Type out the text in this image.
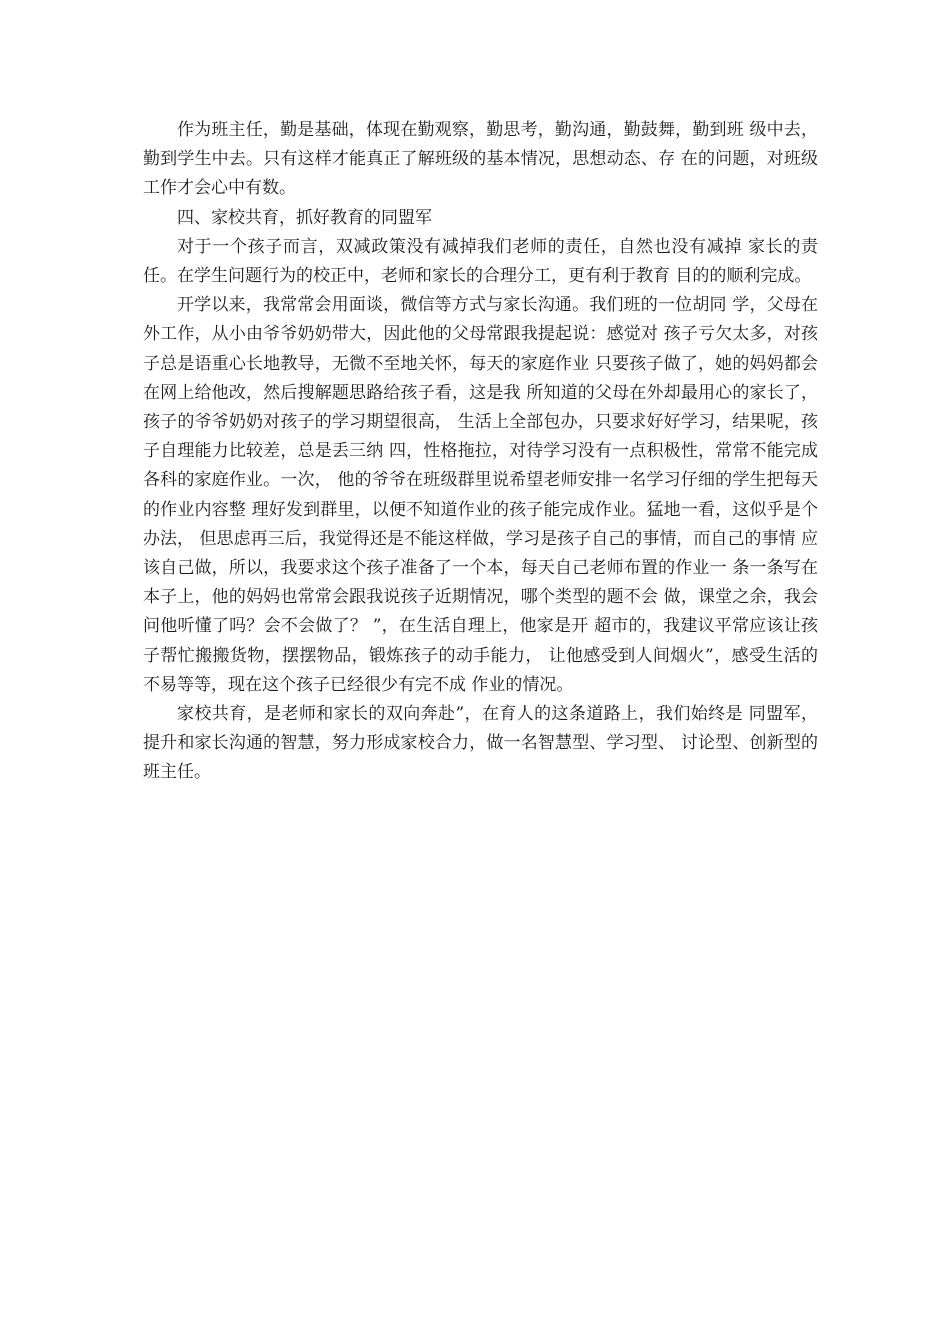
作为班主任，勤是基础，体现在勤观察，勤思考，勤沟通，勤鼓舞，勤到班 级中去，勤到学生中去。只有这样才能真正了解班级的基本情况，思想动态、存 在的问题，对班级工作才会心中有数。

四、家校共育，抓好教育的同盟军

对于一个孩子而言，双减政策没有减掉我们老师的责任，自然也没有减掉 家长的责任。在学生问题行为的校正中，老师和家长的合理分工，更有利于教育 目的的顺利完成。

开学以来，我常常会用面谈，微信等方式与家长沟通。我们班的一位胡同 学，父母在外工作，从小由爷爷奶奶带大，因此他的父母常跟我提起说：感觉对 孩子亏欠太多，对孩子总是语重心长地教导，无微不至地关怀，每天的家庭作业 只要孩子做了，她的妈妈都会在网上给他改，然后搜解题思路给孩子看，这是我 所知道的父母在外却最用心的家长了，孩子的爷爷奶奶对孩子的学习期望很高， 生活上全部包办，只要求好好学习，结果呢，孩子自理能力比较差，总是丢三纳 四，性格拖拉，对待学习没有一点积极性，常常不能完成各科的家庭作业。一次， 他的爷爷在班级群里说希望老师安排一名学习仔细的学生把每天的作业内容整 理好发到群里，以便不知道作业的孩子能完成作业。猛地一看，这似乎是个办法， 但思虑再三后，我觉得还是不能这样做，学习是孩子自己的事情，而自己的事情 应该自己做，所以，我要求这个孩子准备了一个本，每天自己老师布置的作业一 条一条写在本子上，他的妈妈也常常会跟我说孩子近期情况，哪个类型的题不会 做，课堂之余，我会问他听懂了吗？会不会做了？ ”，在生活自理上，他家是开 超市的，我建议平常应该让孩子帮忙搬搬货物，摆摆物品，锻炼孩子的动手能力， 让他感受到人间烟火”，感受生活的不易等等，现在这个孩子已经很少有完不成 作业的情况。

家校共育，是老师和家长的双向奔赴”，在育人的这条道路上，我们始终是 同盟军，提升和家长沟通的智慧，努力形成家校合力，做一名智慧型、学习型、 讨论型、创新型的班主任。
